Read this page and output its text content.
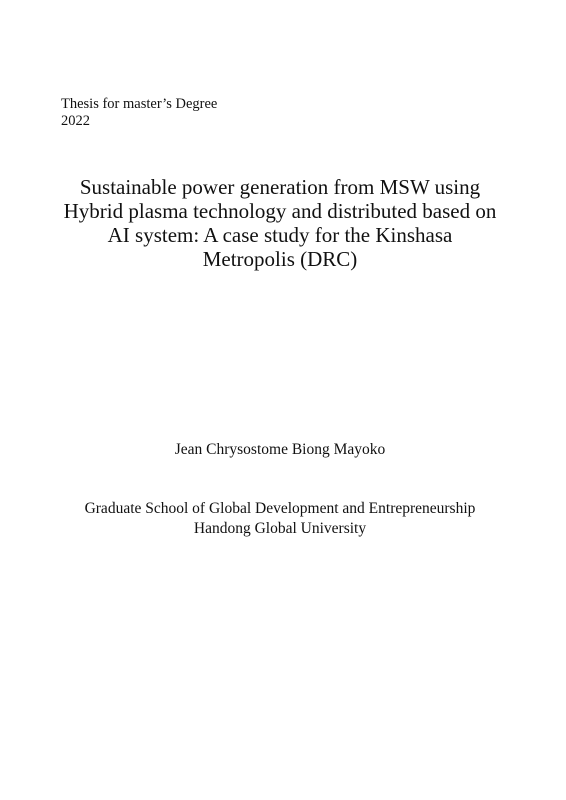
Thesis for master’s Degree
2022
Sustainable power generation from MSW using
Hybrid plasma technology and distributed based on
AI system: A case study for the Kinshasa
Metropolis (DRC)
Jean Chrysostome Biong Mayoko
Graduate School of Global Development and Entrepreneurship
Handong Global University
